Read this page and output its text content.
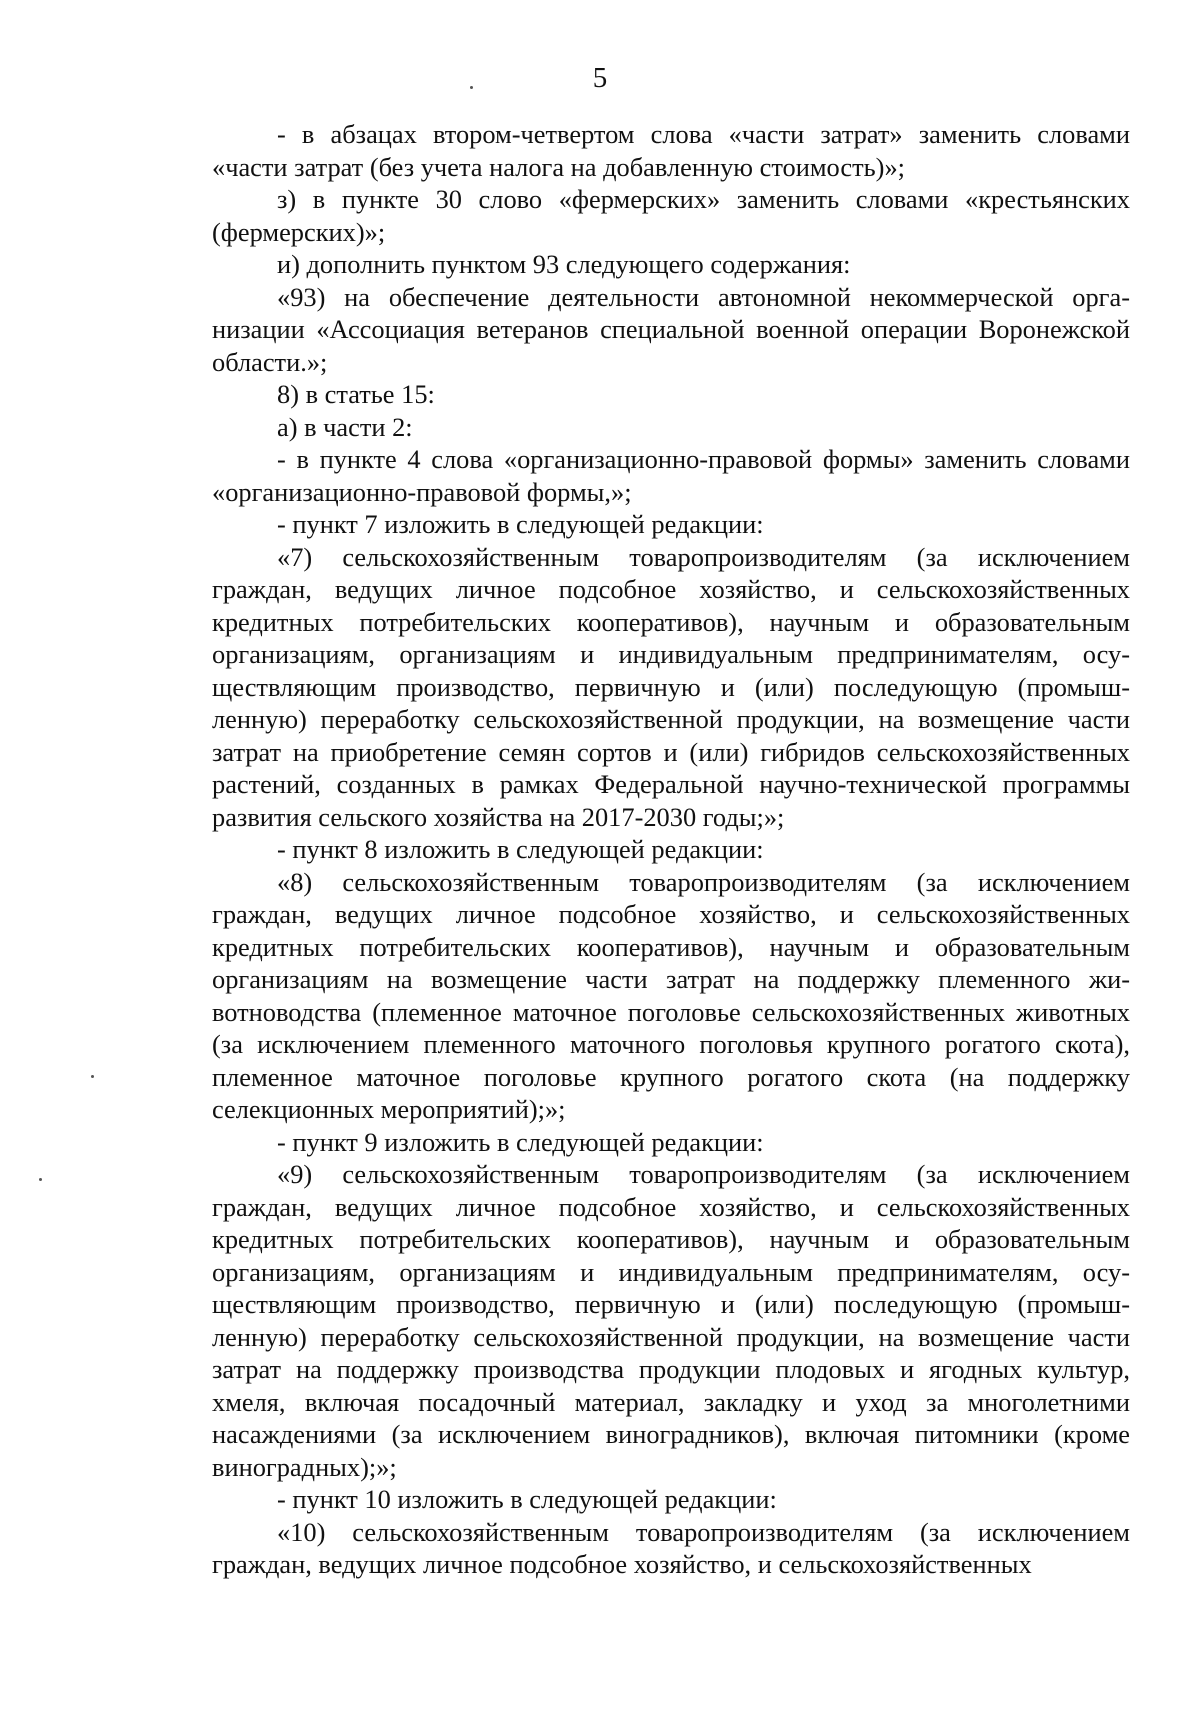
5

- в абзацах втором-четвертом слова «части затрат» заменить словами «части затрат (без учета налога на добавленную стоимость)»;

з) в пункте 30 слово «фермерских» заменить словами «крестьянских (фермерских)»;

и) дополнить пунктом 93 следующего содержания:

«93) на обеспечение деятельности автономной некоммерческой организации «Ассоциация ветеранов специальной военной операции Воронежской области.»;

8) в статье 15:

а) в части 2:

- в пункте 4 слова «организационно-правовой формы» заменить словами «организационно-правовой формы,»;

- пункт 7 изложить в следующей редакции:

«7) сельскохозяйственным товаропроизводителям (за исключением граждан, ведущих личное подсобное хозяйство, и сельскохозяйственных кредитных потребительских кооперативов), научным и образовательным организациям, организациям и индивидуальным предпринимателям, осуществляющим производство, первичную и (или) последующую (промышленную) переработку сельскохозяйственной продукции, на возмещение части затрат на приобретение семян сортов и (или) гибридов сельскохозяйственных растений, созданных в рамках Федеральной научно-технической программы развития сельского хозяйства на 2017-2030 годы;»;

- пункт 8 изложить в следующей редакции:

«8) сельскохозяйственным товаропроизводителям (за исключением граждан, ведущих личное подсобное хозяйство, и сельскохозяйственных кредитных потребительских кооперативов), научным и образовательным организациям на возмещение части затрат на поддержку племенного животноводства (племенное маточное поголовье сельскохозяйственных животных (за исключением племенного маточного поголовья крупного рогатого скота), племенное маточное поголовье крупного рогатого скота (на поддержку селекционных мероприятий);»;

- пункт 9 изложить в следующей редакции:

«9) сельскохозяйственным товаропроизводителям (за исключением граждан, ведущих личное подсобное хозяйство, и сельскохозяйственных кредитных потребительских кооперативов), научным и образовательным организациям, организациям и индивидуальным предпринимателям, осуществляющим производство, первичную и (или) последующую (промышленную) переработку сельскохозяйственной продукции, на возмещение части затрат на поддержку производства продукции плодовых и ягодных культур, хмеля, включая посадочный материал, закладку и уход за многолетними насаждениями (за исключением виноградников), включая питомники (кроме виноградных);»;

- пункт 10 изложить в следующей редакции:

«10) сельскохозяйственным товаропроизводителям (за исключением граждан, ведущих личное подсобное хозяйство, и сельскохозяйственных
